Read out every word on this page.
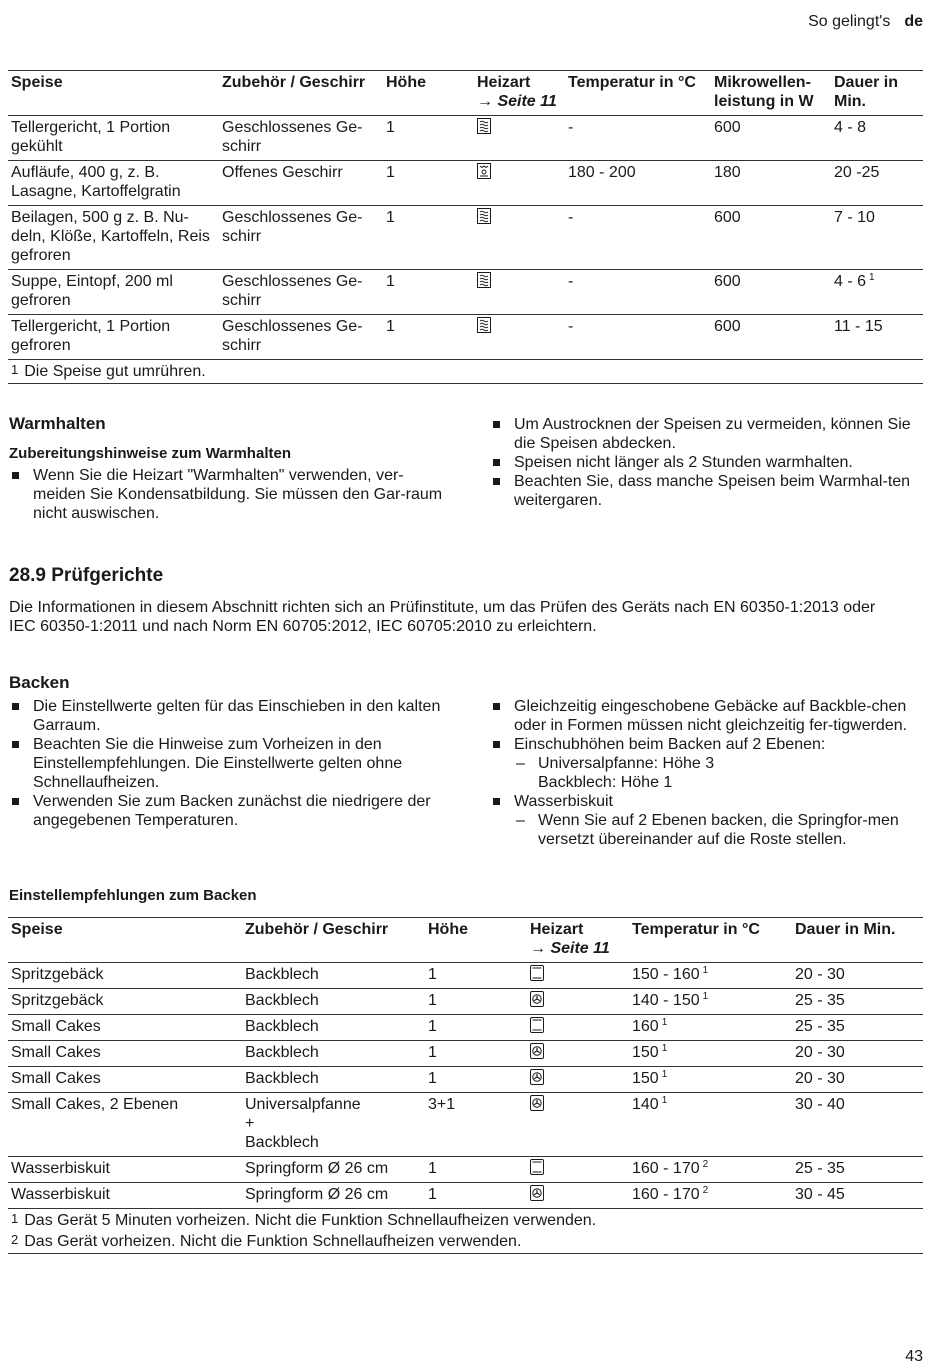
So gelingt's de
Speise	Zubehör / Geschirr	Höhe	Heizart
→ Seite 11	Temperatur in °C	Mikrowellen-leistung in W	Dauer in Min.
Tellergericht, 1 Portion gekühlt	Geschlossenes Ge-schirr	1		-	600	4 - 8
Aufläufe, 400 g, z. B. Lasagne, Kartoffelgratin	Offenes Geschirr	1		180 - 200	180	20 -25
Beilagen, 500 g z. B. Nu-deln, Klöße, Kartoffeln, Reis gefroren	Geschlossenes Ge-schirr	1		-	600	7 - 10
Suppe, Eintopf, 200 ml gefroren	Geschlossenes Ge-schirr	1		-	600	4 - 6 $^1$
Tellergericht, 1 Portion gefroren	Geschlossenes Ge-schirr	1		-	600	11 - 15
1 Die Speise gut umrühren.						
Warmhalten
Zubereitungshinweise zum Warmhalten
Wenn Sie die Heizart "Warmhalten" verwenden, ver-meiden Sie Kondensatbildung. Sie müssen den Gar-raum nicht auswischen.
Um Austrocknen der Speisen zu vermeiden, können Sie die Speisen abdecken.
Speisen nicht länger als 2 Stunden warmhalten.
Beachten Sie, dass manche Speisen beim Warmhal-ten weitergaren.
28.9 Prüfgerichte

Die Informationen in diesem Abschnitt richten sich an Prüfinstitute, um das Prüfen des Geräts nach EN 60350-1:2013 oder IEC 60350-1:2011 und nach Norm EN 60705:2012, IEC 60705:2010 zu erleichtern.

Backen
Die Einstellwerte gelten für das Einschieben in den kalten Garraum.
Beachten Sie die Hinweise zum Vorheizen in den Einstellempfehlungen. Die Einstellwerte gelten ohne Schnellaufheizen.
Verwenden Sie zum Backen zunächst die niedrigere der angegebenen Temperaturen.
Gleichzeitig eingeschobene Gebäcke auf Backble-chen oder in Formen müssen nicht gleichzeitig fer-tigwerden.
Einschubhöhen beim Backen auf 2 Ebenen:
– Universalpfanne: Höhe 3
Backblech: Höhe 1
Wasserbiskuit
– Wenn Sie auf 2 Ebenen backen, die Springfor-men versetzt übereinander auf die Roste stellen.
Einstellempfehlungen zum Backen
Speise	Zubehör / Geschirr	Höhe	Heizart
→ Seite 11	Temperatur in °C	Dauer in Min.
Spritzgebäck	Backblech	1		150 - 160 $^1$	20 - 30
Spritzgebäck	Backblech	1		140 - 150 $^1$	25 - 35
Small Cakes	Backblech	1		160 $^1$	25 - 35
Small Cakes	Backblech	1		150 $^1$	20 - 30
Small Cakes	Backblech	1		150 $^1$	20 - 30
Small Cakes, 2 Ebenen	Universalpfanne
+
Backblech	3+1		140 $^1$	30 - 40
Wasserbiskuit	Springform Ø 26 cm	1		160 - 170 $^2$	25 - 35
Wasserbiskuit	Springform Ø 26 cm	1		160 - 170 $^2$	30 - 45

1 Das Gerät 5 Minuten vorheizen. Nicht die Funktion Schnellaufheizen verwenden.
2 Das Gerät vorheizen. Nicht die Funktion Schnellaufheizen verwenden.					
43
